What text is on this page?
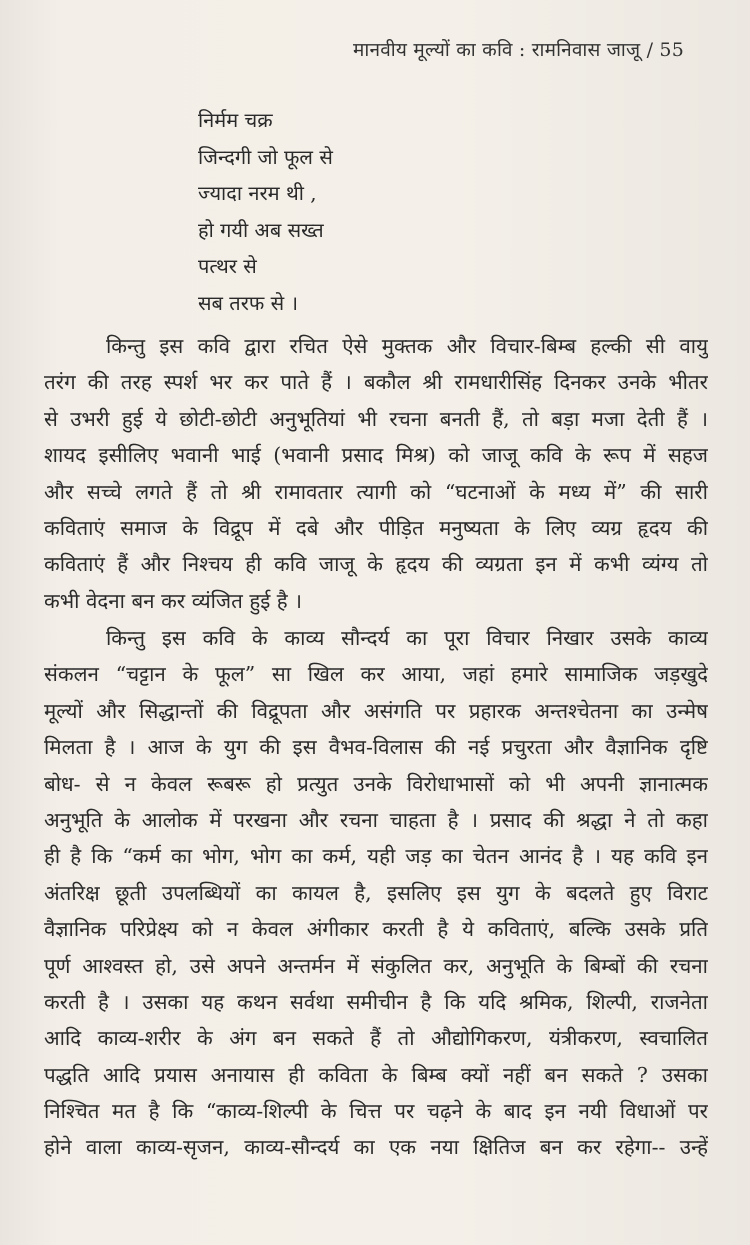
मानवीय मूल्यों का कवि : रामनिवास जाजू / 55
निर्मम चक्र
जिन्दगी जो फूल से
ज्यादा नरम थी ,
हो गयी अब सख्त
पत्थर से
सब तरफ से ।

किन्तु इस कवि द्वारा रचित ऐसे मुक्तक और विचार-बिम्ब हल्की सी वायु
तरंग की तरह स्पर्श भर कर पाते हैं । बकौल श्री रामधारीसिंह दिनकर उनके भीतर
से उभरी हुई ये छोटी-छोटी अनुभूतियां भी रचना बनती हैं, तो बड़ा मजा देती हैं ।
शायद इसीलिए भवानी भाई (भवानी प्रसाद मिश्र) को जाजू कवि के रूप में सहज
और सच्चे लगते हैं तो श्री रामावतार त्यागी को “घटनाओं के मध्य में” की सारी
कविताएं समाज के विद्रूप में दबे और पीड़ित मनुष्यता के लिए व्यग्र हृदय की
कविताएं हैं और निश्चय ही कवि जाजू के हृदय की व्यग्रता इन में कभी व्यंग्य तो
कभी वेदना बन कर व्यंजित हुई है ।

किन्तु इस कवि के काव्य सौन्दर्य का पूरा विचार निखार उसके काव्य
संकलन “चट्टान के फूल” सा खिल कर आया, जहां हमारे सामाजिक जड़खुदे
मूल्यों और सिद्धान्तों की विद्रूपता और असंगति पर प्रहारक अन्तश्चेतना का उन्मेष
मिलता है । आज के युग की इस वैभव-विलास की नई प्रचुरता और वैज्ञानिक दृष्टि
बोध- से न केवल रूबरू हो प्रत्युत उनके विरोधाभासों को भी अपनी ज्ञानात्मक
अनुभूति के आलोक में परखना और रचना चाहता है । प्रसाद की श्रद्धा ने तो कहा
ही है कि “कर्म का भोग, भोग का कर्म, यही जड़ का चेतन आनंद है । यह कवि इन
अंतरिक्ष छूती उपलब्धियों का कायल है, इसलिए इस युग के बदलते हुए विराट
वैज्ञानिक परिप्रेक्ष्य को न केवल अंगीकार करती है ये कविताएं, बल्कि उसके प्रति
पूर्ण आश्वस्त हो, उसे अपने अन्तर्मन में संकुलित कर, अनुभूति के बिम्बों की रचना
करती है । उसका यह कथन सर्वथा समीचीन है कि यदि श्रमिक, शिल्पी, राजनेता
आदि काव्य-शरीर के अंग बन सकते हैं तो औद्योगिकरण, यंत्रीकरण, स्वचालित
पद्धति आदि प्रयास अनायास ही कविता के बिम्ब क्यों नहीं बन सकते ? उसका
निश्चित मत है कि “काव्य-शिल्पी के चित्त पर चढ़ने के बाद इन नयी विधाओं पर
होने वाला काव्य-सृजन, काव्य-सौन्दर्य का एक नया क्षितिज बन कर रहेगा-- उन्हें
